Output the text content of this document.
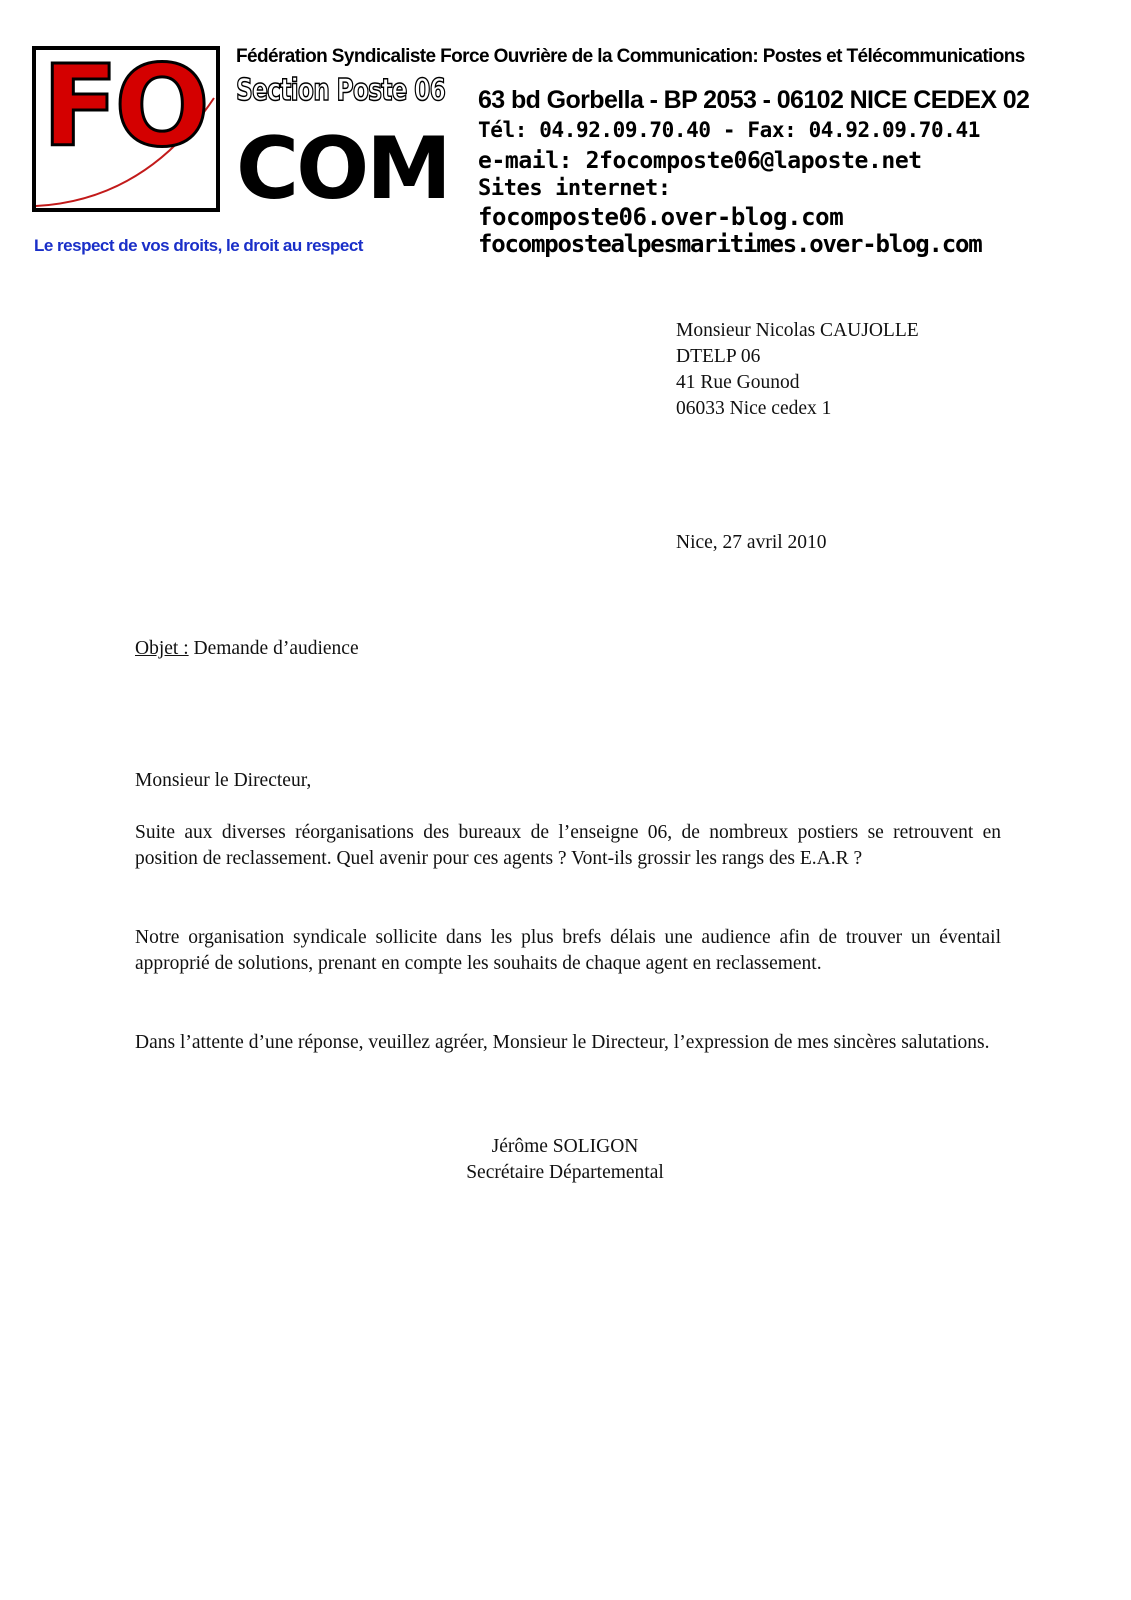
FO Section Poste 06
COM
Le respect de vos droits, le droit au respect
Fédération Syndicaliste Force Ouvrière de la Communication: Postes et Télécommunications
63 bd Gorbella - BP 2053 - 06102 NICE CEDEX 02
Tél: 04.92.09.70.40 - Fax: 04.92.09.70.41
e-mail: 2focomposte06@laposte.net
Sites internet:
focomposte06.over-blog.com
focompostealpesmaritimes.over-blog.com
Monsieur Nicolas CAUJOLLE
DTELP 06
41 Rue Gounod
06033 Nice cedex 1
Nice, 27 avril 2010
Objet : Demande d’audience
Monsieur le Directeur,
Suite aux diverses réorganisations des bureaux de l’enseigne 06, de nombreux postiers se retrouvent en position de reclassement. Quel avenir pour ces agents ? Vont-ils grossir les rangs des E.A.R ?
Notre organisation syndicale sollicite dans les plus brefs délais une audience afin de trouver un éventail approprié de solutions, prenant en compte les souhaits de chaque agent en reclassement.
Dans l’attente d’une réponse, veuillez agréer, Monsieur le Directeur, l’expression de mes sincères salutations.
Jérôme SOLIGON
Secrétaire Départemental
